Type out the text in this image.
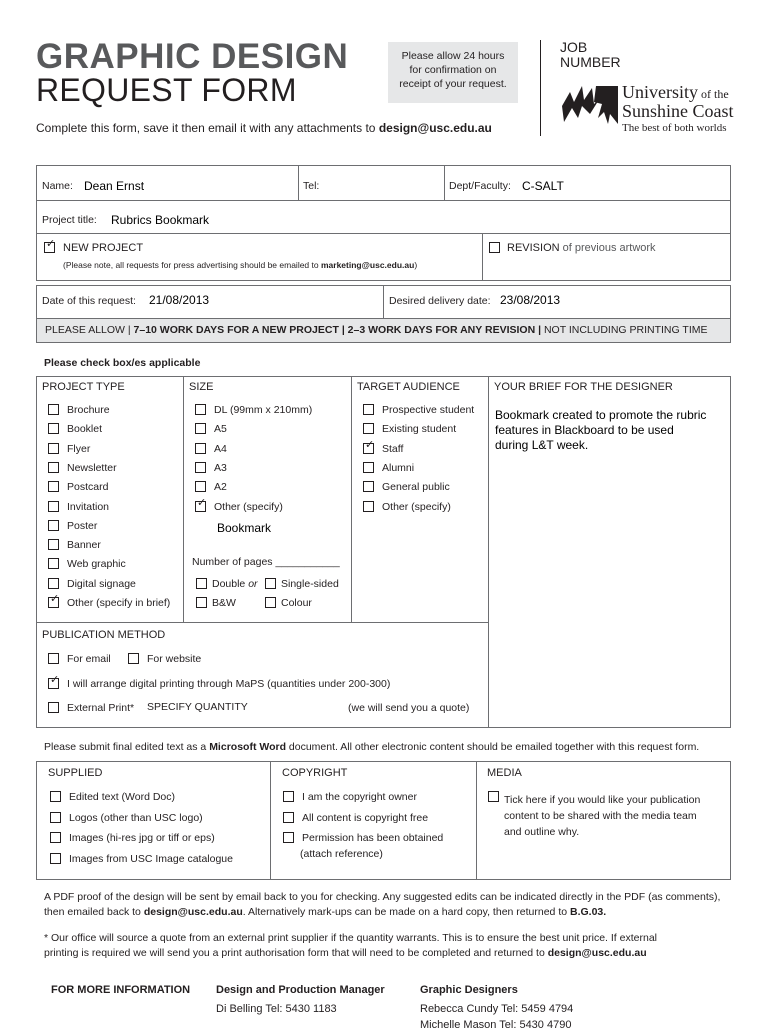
GRAPHIC DESIGN
REQUEST FORM
Please allow 24 hours
for confirmation on
receipt of your request.
JOB
NUMBER
University of the
Sunshine Coast
The best of both worlds
Complete this form, save it then email it with any attachments to design@usc.edu.au
Name: Dean Ernst	Tel:	Dept/Faculty: C-SALT
Project title: Rubrics Bookmark
✓ NEW PROJECT
(Please note, all requests for press advertising should be emailed to marketing@usc.edu.au)
REVISION of previous artwork
Date of this request: 21/08/2013	Desired delivery date: 23/08/2013
PLEASE ALLOW | 7–10 WORK DAYS FOR A NEW PROJECT | 2–3 WORK DAYS FOR ANY REVISION | NOT INCLUDING PRINTING TIME
Please check box/es applicable
PROJECT TYPE
Brochure
Booklet
Flyer
Newsletter
Postcard
Invitation
Poster
Banner
Web graphic
Digital signage
✓ Other (specify in brief)
SIZE
DL (99mm x 210mm)
A5
A4
A3
A2
✓ Other (specify)
Bookmark
Number of pages ___________
Double or Single-sided
B&W	Colour
TARGET AUDIENCE
Prospective student
Existing student
✓ Staff
Alumni
General public
Other (specify)
YOUR BRIEF FOR THE DESIGNER
Bookmark created to promote the rubric
features in Blackboard to be used
during L&T week.
PUBLICATION METHOD
For email	For website
✓ I will arrange digital printing through MaPS (quantities under 200-300)
External Print* SPECIFY QUANTITY	(we will send you a quote)
Please submit final edited text as a Microsoft Word document. All other electronic content should be emailed together with this request form.
SUPPLIED
Edited text (Word Doc)
Logos (other than USC logo)
Images (hi-res jpg or tiff or eps)
Images from USC Image catalogue
COPYRIGHT
I am the copyright owner
All content is copyright free
Permission has been obtained
(attach reference)
MEDIA
Tick here if you would like your publication
content to be shared with the media team
and outline why.
A PDF proof of the design will be sent by email back to you for checking. Any suggested edits can be indicated directly in the PDF (as comments),
then emailed back to design@usc.edu.au. Alternatively mark-ups can be made on a hard copy, then returned to B.G.03.
* Our office will source a quote from an external print supplier if the quantity warrants. This is to ensure the best unit price. If external
printing is required we will send you a print authorisation form that will need to be completed and returned to design@usc.edu.au
FOR MORE INFORMATION Design and Production Manager
Di Belling Tel: 5430 1183
Graphic Designers
Rebecca Cundy Tel: 5459 4794
Michelle Mason Tel: 5430 4790
